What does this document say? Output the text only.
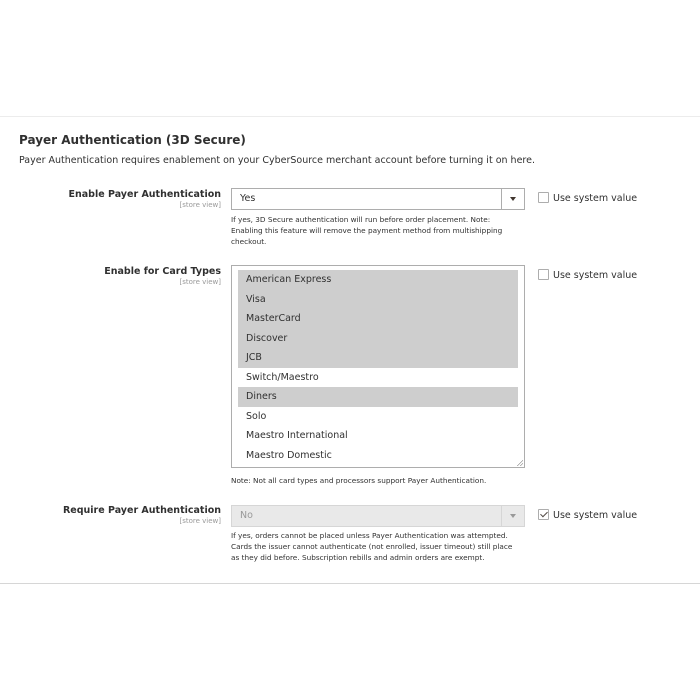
Payer Authentication (3D Secure)

Payer Authentication requires enablement on your CyberSource merchant account before turning it on here.

Enable Payer Authentication
[store view]
Yes

If yes, 3D Secure authentication will run before order placement. Note:
Enabling this feature will remove the payment method from multishipping
checkout.

Use system value
Enable for Card Types
[store view]	American Express
Visa
MasterCard
Discover
JCB
Switch/Maestro
Diners
Solo
Maestro International
Maestro Domestic

Note: Not all card types and processors support Payer Authentication.

Use system value
Require Payer Authentication
[store view] No

If yes, orders cannot be placed unless Payer Authentication was attempted.
Cards the issuer cannot authenticate (not enrolled, issuer timeout) still place
as they did before. Subscription rebills and admin orders are exempt.

Use system value
